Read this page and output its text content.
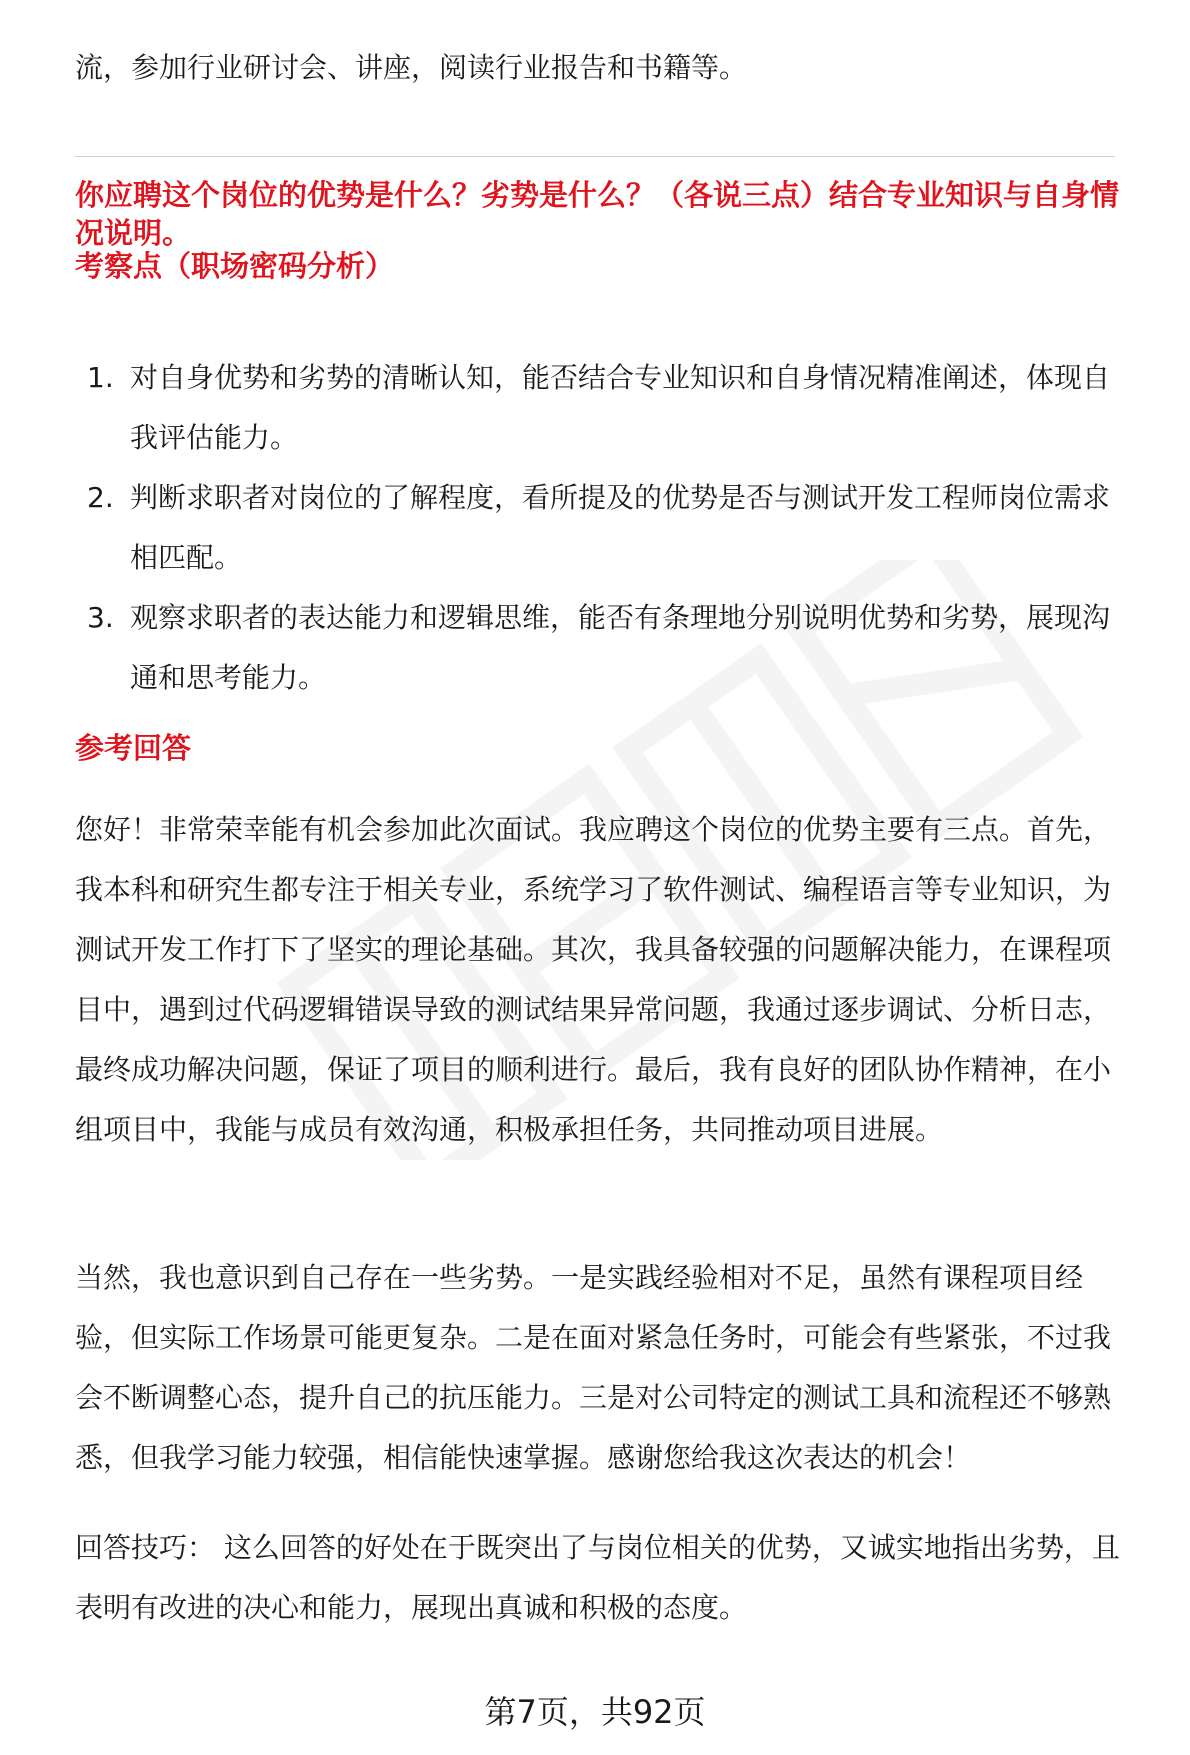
流，参加行业研讨会、讲座，阅读行业报告和书籍等。

你应聘这个岗位的优势是什么？劣势是什么？（各说三点）结合专业知识与自身情况说明。

考察点（职场密码分析）
1. 对自身优势和劣势的清晰认知，能否结合专业知识和自身情况精准阐述，体现自我评估能力。
2. 判断求职者对岗位的了解程度，看所提及的优势是否与测试开发工程师岗位需求相匹配。
3. 观察求职者的表达能力和逻辑思维，能否有条理地分别说明优势和劣势，展现沟通和思考能力。
参考回答

您好！非常荣幸能有机会参加此次面试。我应聘这个岗位的优势主要有三点。首先，我本科和研究生都专注于相关专业，系统学习了软件测试、编程语言等专业知识，为测试开发工作打下了坚实的理论基础。其次，我具备较强的问题解决能力，在课程项目中，遇到过代码逻辑错误导致的测试结果异常问题，我通过逐步调试、分析日志，最终成功解决问题，保证了项目的顺利进行。最后，我有良好的团队协作精神，在小组项目中，我能与成员有效沟通，积极承担任务，共同推动项目进展。

当然，我也意识到自己存在一些劣势。一是实践经验相对不足，虽然有课程项目经验，但实际工作场景可能更复杂。二是在面对紧急任务时，可能会有些紧张，不过我会不断调整心态，提升自己的抗压能力。三是对公司特定的测试工具和流程还不够熟悉，但我学习能力较强，相信能快速掌握。感谢您给我这次表达的机会！

回答技巧： 这么回答的好处在于既突出了与岗位相关的优势，又诚实地指出劣势，且表明有改进的决心和能力，展现出真诚和积极的态度。

第7页，共92页
